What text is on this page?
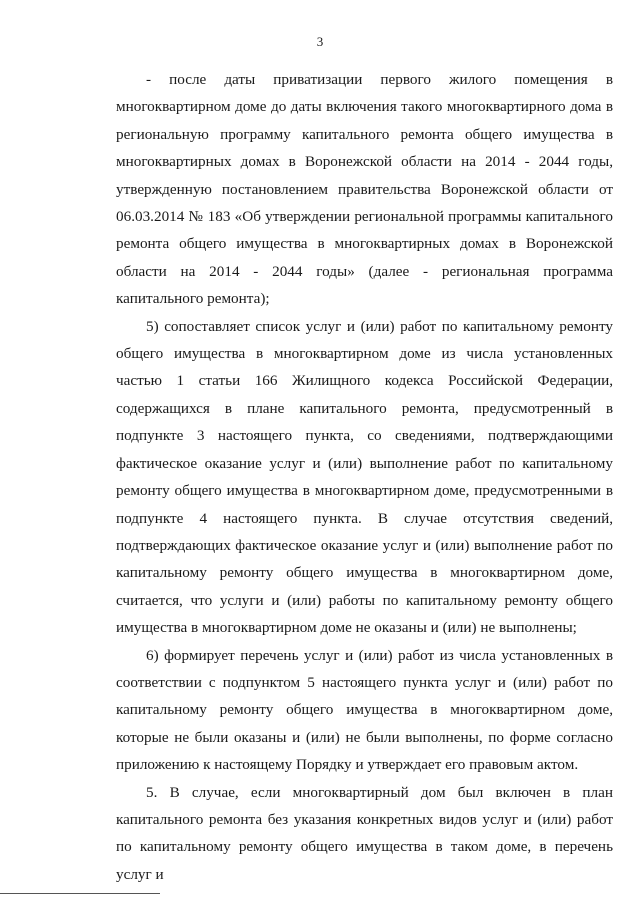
3

- после даты приватизации первого жилого помещения в многоквартирном доме до даты включения такого многоквартирного дома в региональную программу капитального ремонта общего имущества в многоквартирных домах в Воронежской области на 2014 - 2044 годы, утвержденную постановлением правительства Воронежской области от 06.03.2014 № 183 «Об утверждении региональной программы капитального ремонта общего имущества в многоквартирных домах в Воронежской области на 2014 - 2044 годы» (далее - региональная программа капитального ремонта);

5) сопоставляет список услуг и (или) работ по капитальному ремонту общего имущества в многоквартирном доме из числа установленных частью 1 статьи 166 Жилищного кодекса Российской Федерации, содержащихся в плане капитального ремонта, предусмотренный в подпункте 3 настоящего пункта, со сведениями, подтверждающими фактическое оказание услуг и (или) выполнение работ по капитальному ремонту общего имущества в многоквартирном доме, предусмотренными в подпункте 4 настоящего пункта. В случае отсутствия сведений, подтверждающих фактическое оказание услуг и (или) выполнение работ по капитальному ремонту общего имущества в многоквартирном доме, считается, что услуги и (или) работы по капитальному ремонту общего имущества в многоквартирном доме не оказаны и (или) не выполнены;

6) формирует перечень услуг и (или) работ из числа установленных в соответствии с подпунктом 5 настоящего пункта услуг и (или) работ по капитальному ремонту общего имущества в многоквартирном доме, которые не были оказаны и (или) не были выполнены, по форме согласно приложению к настоящему Порядку и утверждает его правовым актом.

5. В случае, если многоквартирный дом был включен в план капитального ремонта без указания конкретных видов услуг и (или) работ по капитальному ремонту общего имущества в таком доме, в перечень услуг и
